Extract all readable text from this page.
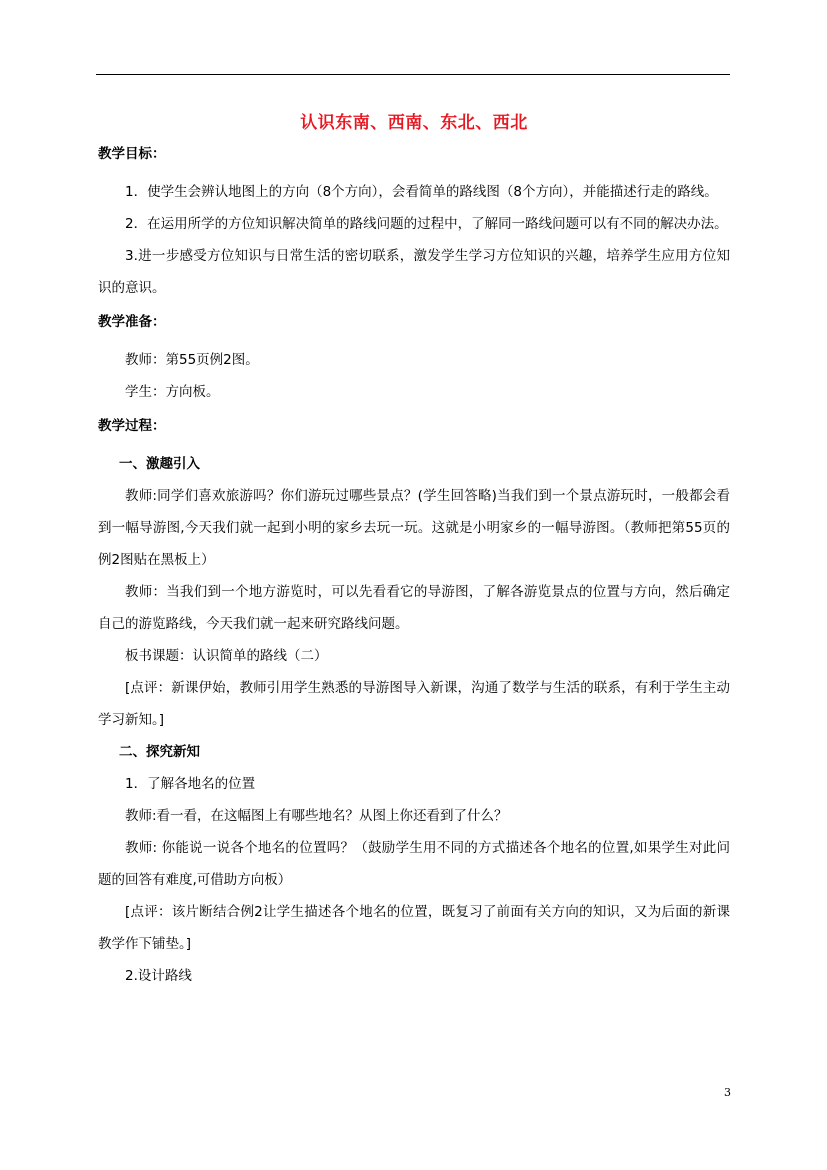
认识东南、西南、东北、西北
教学目标：

1．使学生会辨认地图上的方向（8个方向），会看简单的路线图（8个方向），并能描述行走的路线。

2．在运用所学的方位知识解决简单的路线问题的过程中，了解同一路线问题可以有不同的解决办法。

3.进一步感受方位知识与日常生活的密切联系，激发学生学习方位知识的兴趣，培养学生应用方位知识的意识。

教学准备：

教师：第55页例2图。

学生：方向板。

教学过程：

一、激趣引入

教师:同学们喜欢旅游吗？你们游玩过哪些景点？(学生回答略)当我们到一个景点游玩时，一般都会看到一幅导游图,今天我们就一起到小明的家乡去玩一玩。这就是小明家乡的一幅导游图。（教师把第55页的例2图贴在黑板上）

教师：当我们到一个地方游览时，可以先看看它的导游图，了解各游览景点的位置与方向，然后确定自己的游览路线，今天我们就一起来研究路线问题。

板书课题：认识简单的路线（二）

[点评：新课伊始，教师引用学生熟悉的导游图导入新课，沟通了数学与生活的联系，有利于学生主动学习新知。]

二、探究新知

1．了解各地名的位置

教师:看一看，在这幅图上有哪些地名？从图上你还看到了什么？

教师: 你能说一说各个地名的位置吗？（鼓励学生用不同的方式描述各个地名的位置,如果学生对此问题的回答有难度,可借助方向板）

[点评：该片断结合例2让学生描述各个地名的位置，既复习了前面有关方向的知识，又为后面的新课教学作下铺垫。]

2.设计路线

3
